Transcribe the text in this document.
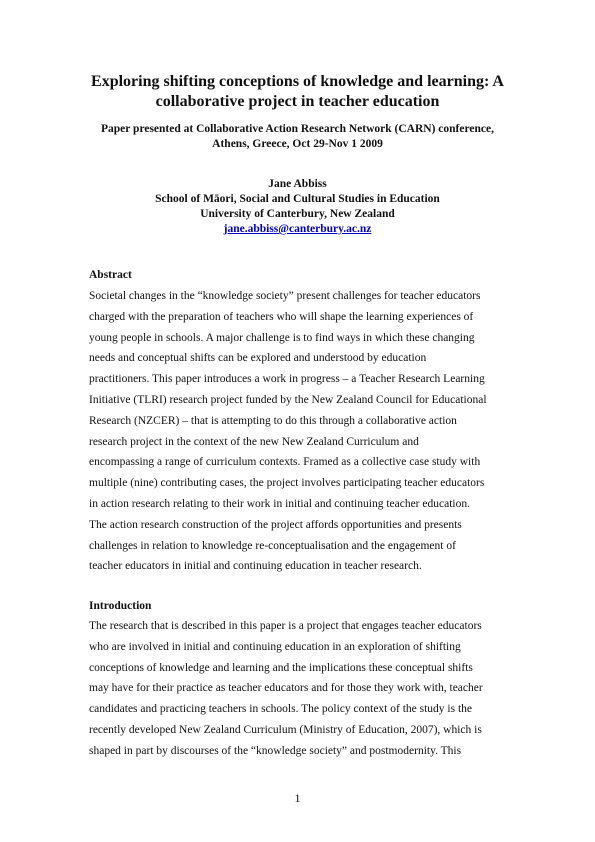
Exploring shifting conceptions of knowledge and learning: A
collaborative project in teacher education
Paper presented at Collaborative Action Research Network (CARN) conference,
Athens, Greece, Oct 29-Nov 1 2009
Jane Abbiss
School of Māori, Social and Cultural Studies in Education
University of Canterbury, New Zealand
jane.abbiss@canterbury.ac.nz
Abstract
Societal changes in the “knowledge society” present challenges for teacher educators
charged with the preparation of teachers who will shape the learning experiences of
young people in schools. A major challenge is to find ways in which these changing
needs and conceptual shifts can be explored and understood by education
practitioners. This paper introduces a work in progress – a Teacher Research Learning
Initiative (TLRI) research project funded by the New Zealand Council for Educational
Research (NZCER) – that is attempting to do this through a collaborative action
research project in the context of the new New Zealand Curriculum and
encompassing a range of curriculum contexts. Framed as a collective case study with
multiple (nine) contributing cases, the project involves participating teacher educators
in action research relating to their work in initial and continuing teacher education.
The action research construction of the project affords opportunities and presents
challenges in relation to knowledge re-conceptualisation and the engagement of
teacher educators in initial and continuing education in teacher research.
Introduction
The research that is described in this paper is a project that engages teacher educators
who are involved in initial and continuing education in an exploration of shifting
conceptions of knowledge and learning and the implications these conceptual shifts
may have for their practice as teacher educators and for those they work with, teacher
candidates and practicing teachers in schools. The policy context of the study is the
recently developed New Zealand Curriculum (Ministry of Education, 2007), which is
shaped in part by discourses of the “knowledge society” and postmodernity. This
1
